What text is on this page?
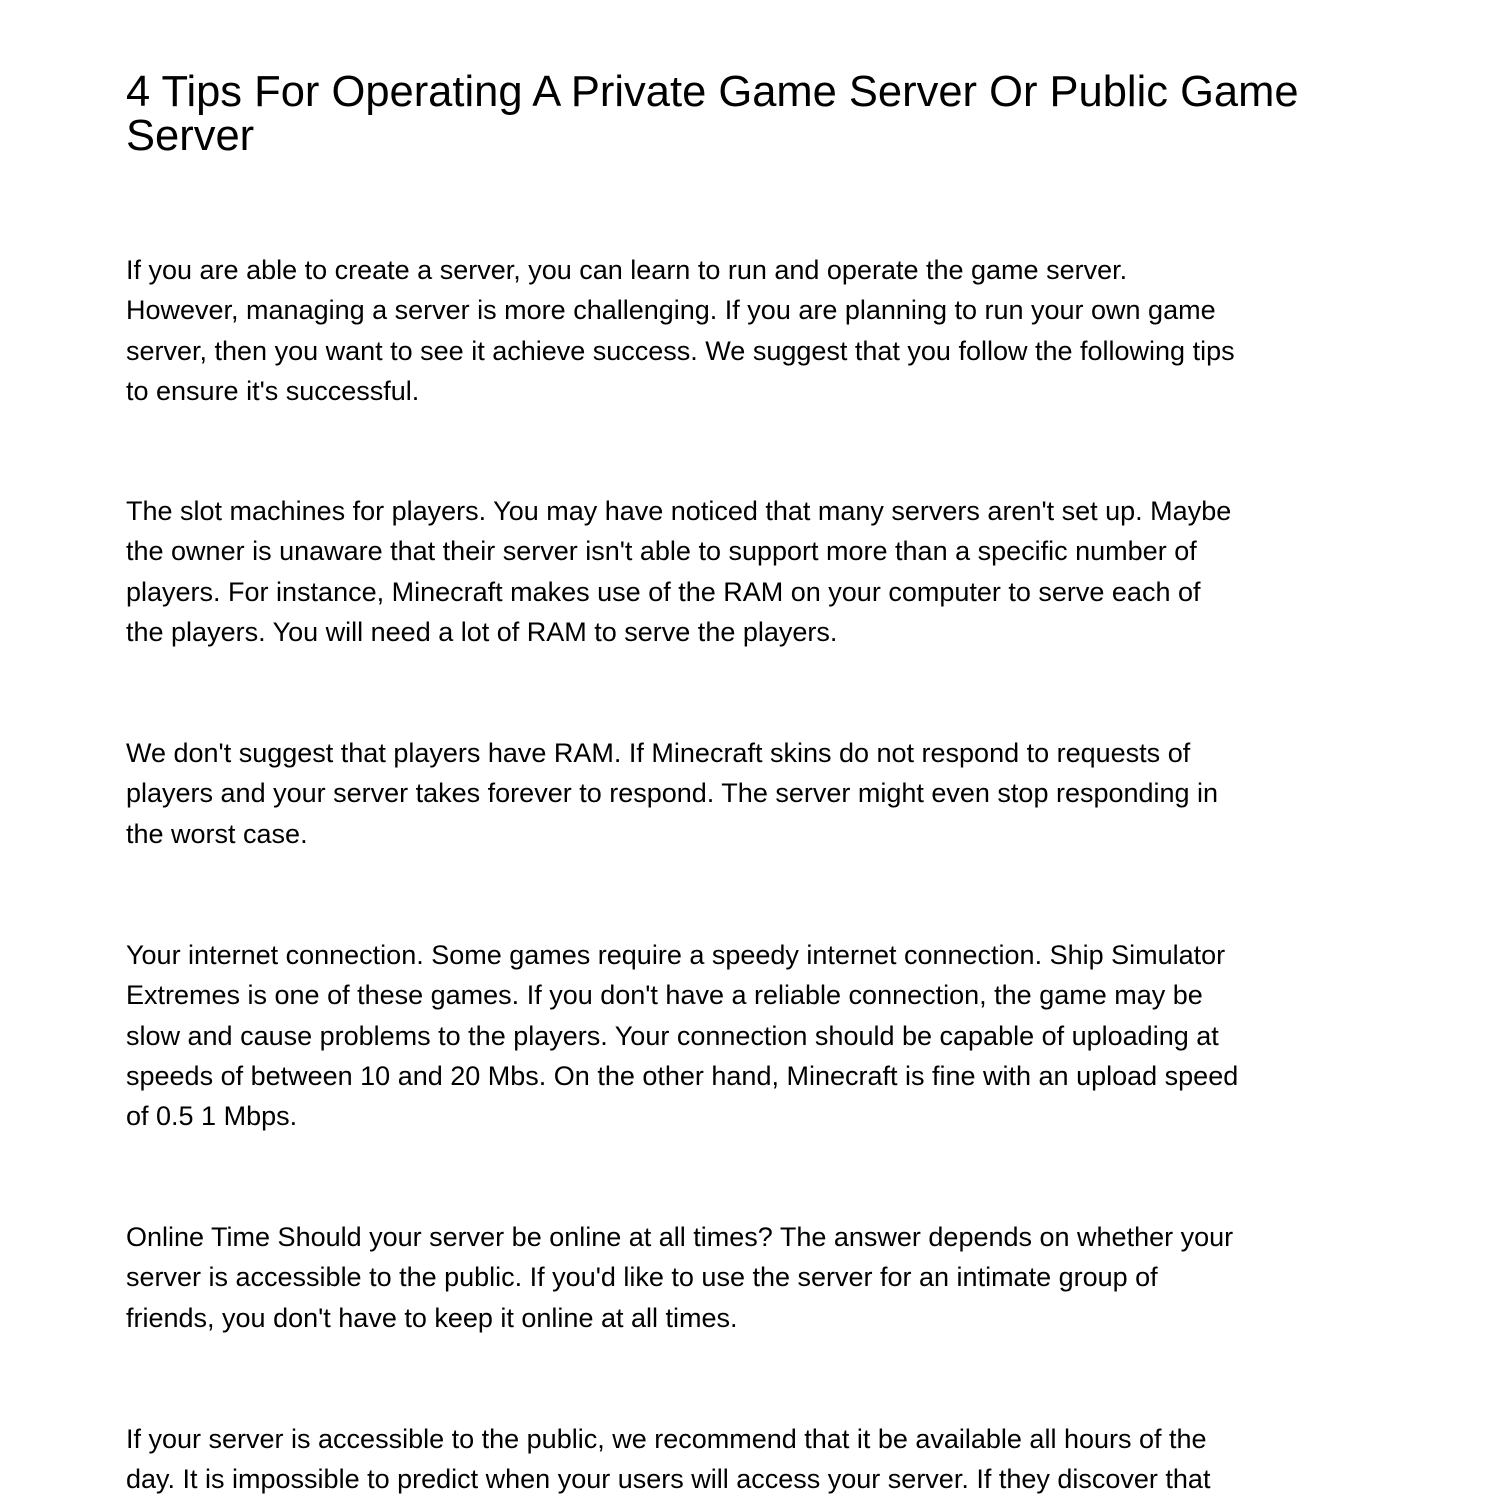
4 Tips For Operating A Private Game Server Or Public Game
Server

If you are able to create a server, you can learn to run and operate the game server.
However, managing a server is more challenging. If you are planning to run your own game
server, then you want to see it achieve success. We suggest that you follow the following tips
to ensure it's successful.

The slot machines for players. You may have noticed that many servers aren't set up. Maybe
the owner is unaware that their server isn't able to support more than a specific number of
players. For instance, Minecraft makes use of the RAM on your computer to serve each of
the players. You will need a lot of RAM to serve the players.

We don't suggest that players have RAM. If Minecraft skins do not respond to requests of
players and your server takes forever to respond. The server might even stop responding in
the worst case.

Your internet connection. Some games require a speedy internet connection. Ship Simulator
Extremes is one of these games. If you don't have a reliable connection, the game may be
slow and cause problems to the players. Your connection should be capable of uploading at
speeds of between 10 and 20 Mbs. On the other hand, Minecraft is fine with an upload speed
of 0.5 1 Mbps.

Online Time Should your server be online at all times? The answer depends on whether your
server is accessible to the public. If you'd like to use the server for an intimate group of
friends, you don't have to keep it online at all times.

If your server is accessible to the public, we recommend that it be available all hours of the
day. It is impossible to predict when your users will access your server. If they discover that
